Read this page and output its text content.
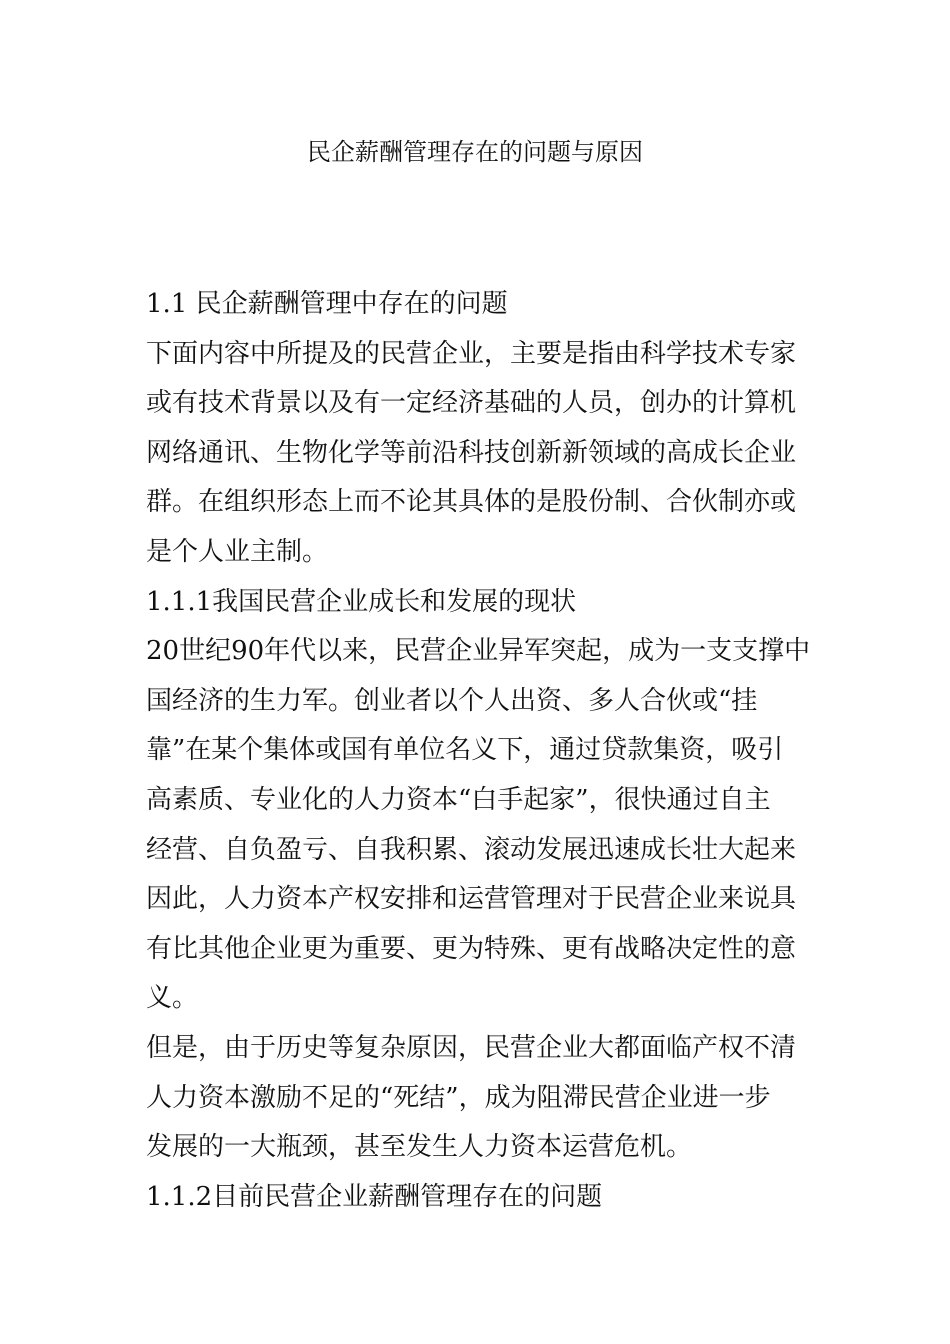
民企薪酬管理存在的问题与原因
1.1 民企薪酬管理中存在的问题
下面内容中所提及的民营企业，主要是指由科学技术专家
或有技术背景以及有一定经济基础的人员，创办的计算机
网络通讯、生物化学等前沿科技创新新领域的高成长企业
群。在组织形态上而不论其具体的是股份制、合伙制亦或
是个人业主制。
1.1.1我国民营企业成长和发展的现状
20世纪90年代以来，民营企业异军突起，成为一支支撑中
国经济的生力军。创业者以个人出资、多人合伙或“挂
靠”在某个集体或国有单位名义下，通过贷款集资，吸引
高素质、专业化的人力资本“白手起家”，很快通过自主
经营、自负盈亏、自我积累、滚动发展迅速成长壮大起来
因此，人力资本产权安排和运营管理对于民营企业来说具
有比其他企业更为重要、更为特殊、更有战略决定性的意
义。
但是，由于历史等复杂原因，民营企业大都面临产权不清
人力资本激励不足的“死结”，成为阻滞民营企业进一步
发展的一大瓶颈，甚至发生人力资本运营危机。
1.1.2目前民营企业薪酬管理存在的问题
